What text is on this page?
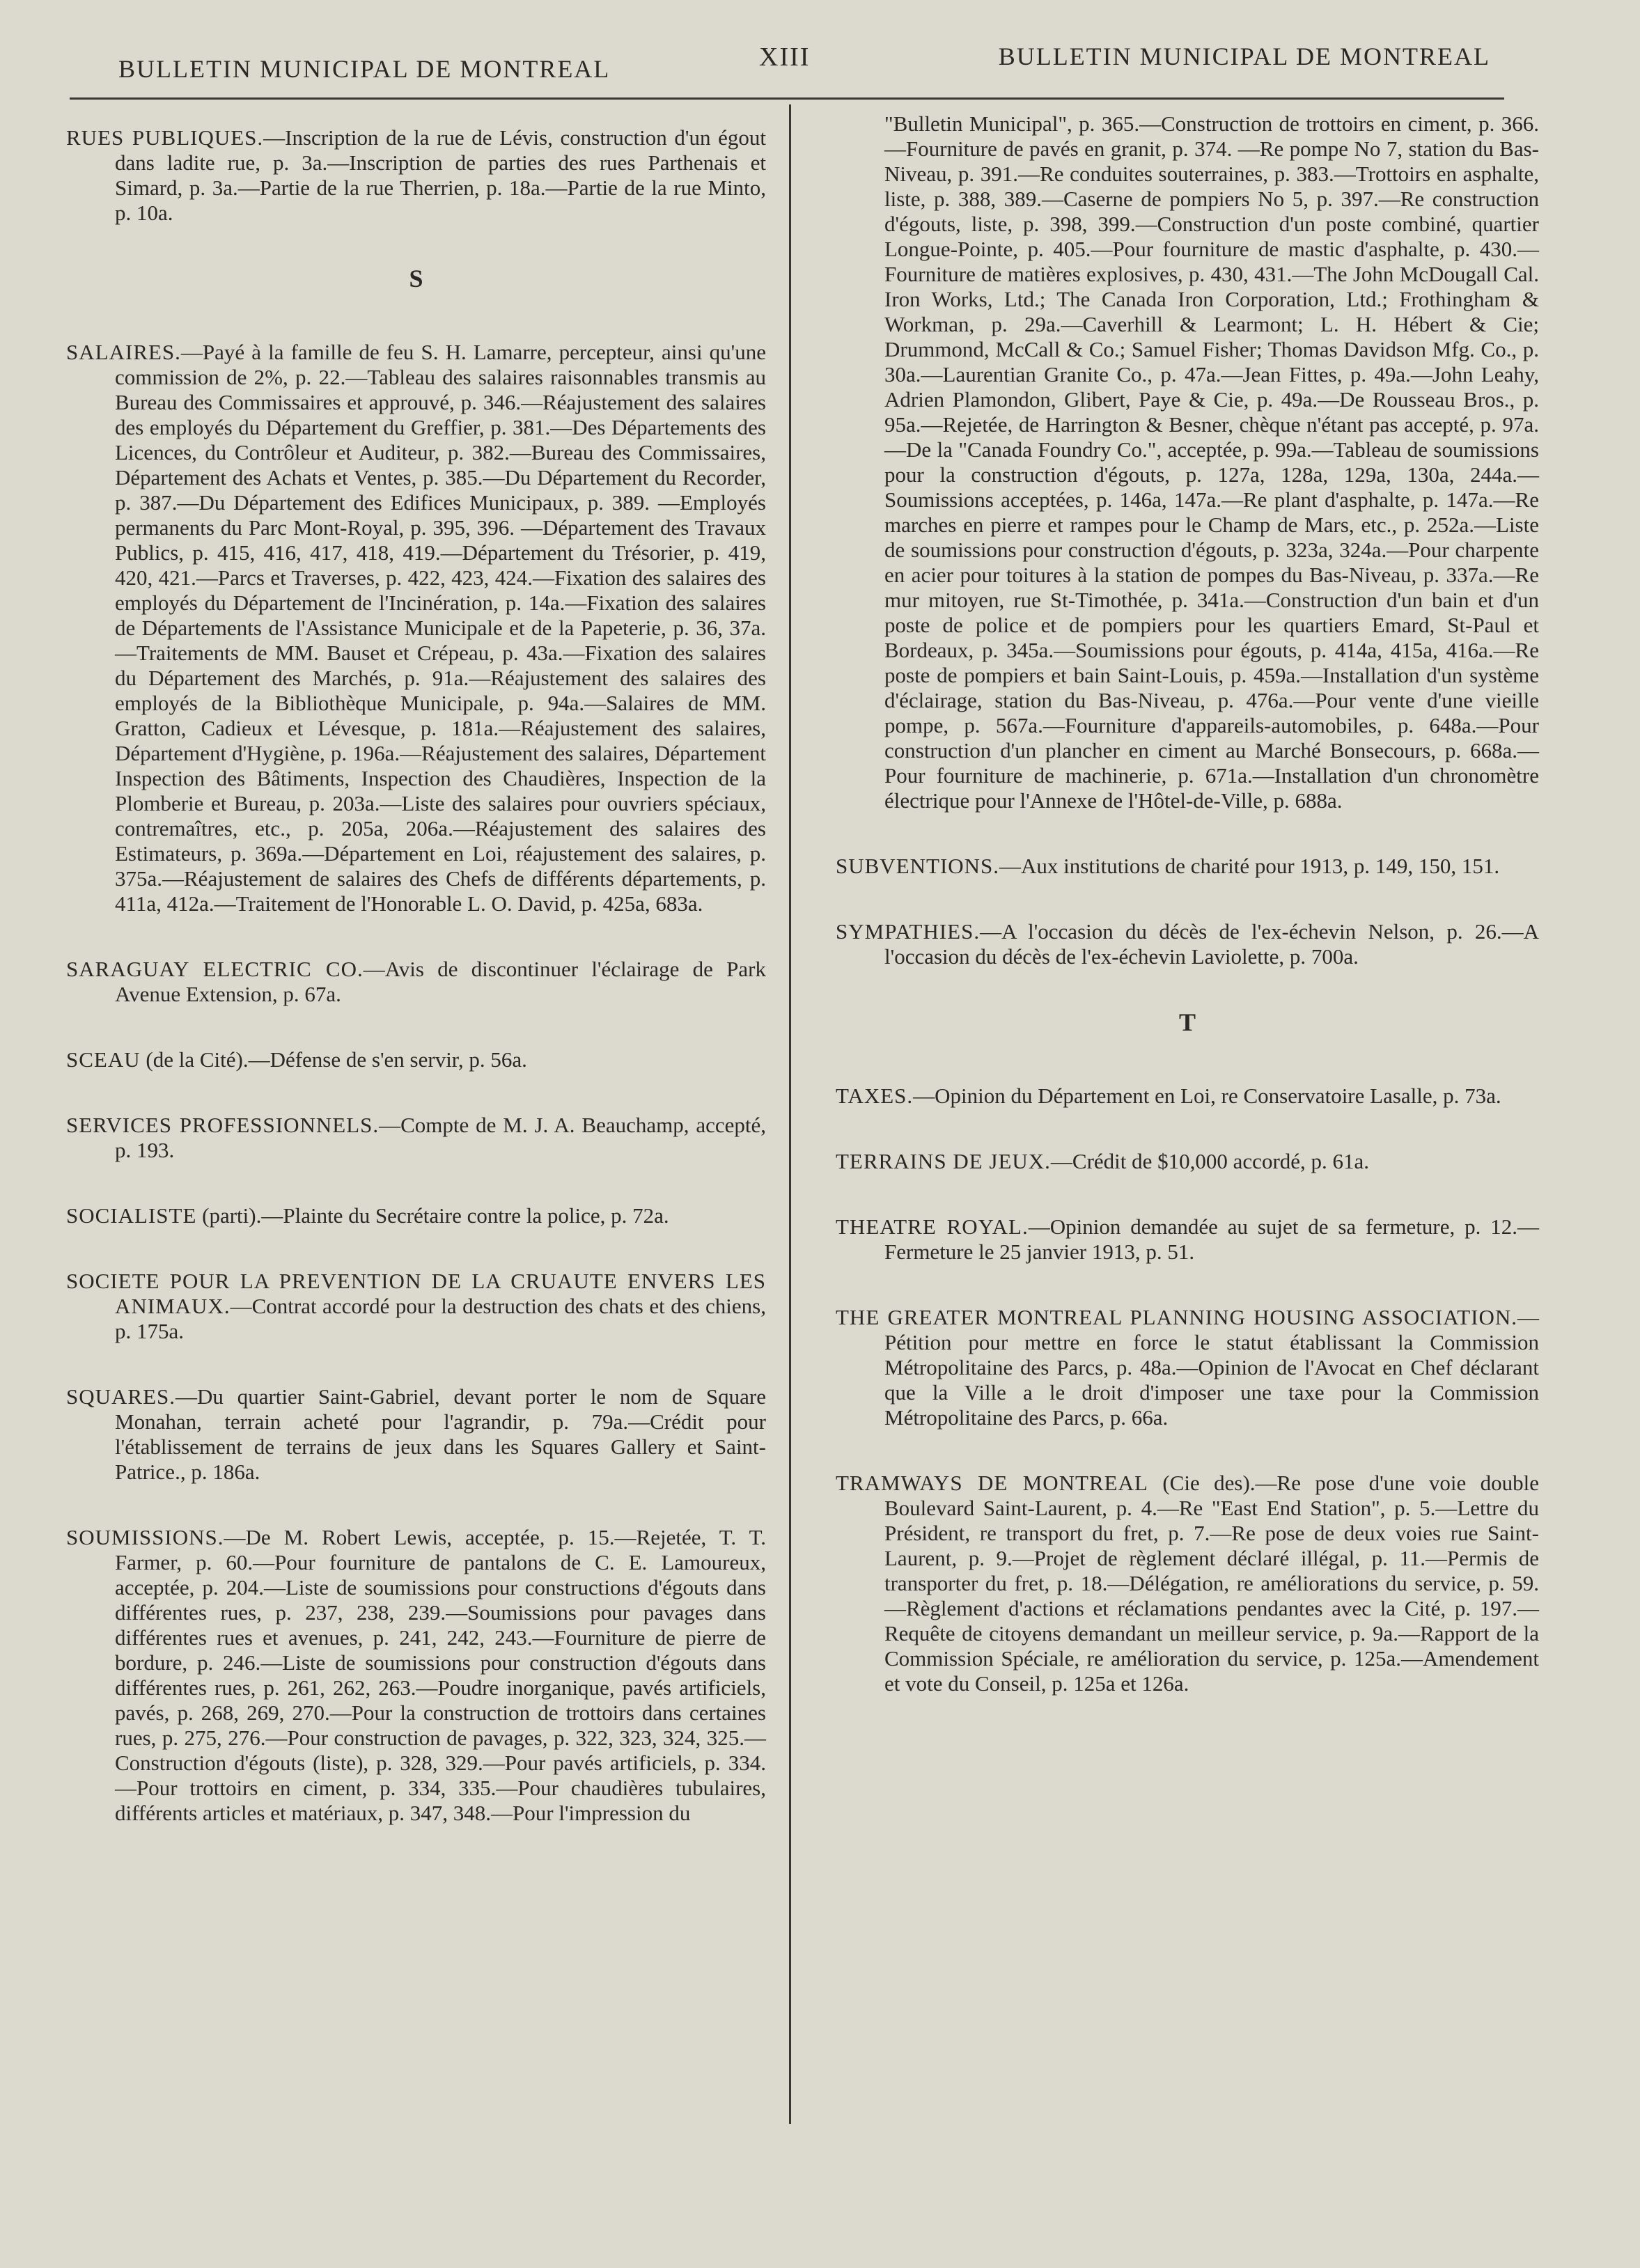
BULLETIN MUNICIPAL DE MONTREAL	XIII	BULLETIN MUNICIPAL DE MONTREAL

RUES PUBLIQUES.—Inscription de la rue de Lévis, construction d'un égout dans ladite rue, p. 3a.—Inscription de parties des rues Parthenais et Simard, p. 3a.—Partie de la rue Therrien, p. 18a.—Partie de la rue Minto, p. 10a.

S

SALAIRES.—Payé à la famille de feu S. H. Lamarre, percepteur, ainsi qu'une commission de 2%, p. 22.—Tableau des salaires raisonnables transmis au Bureau des Commissaires et approuvé, p. 346.—Réajustement des salaires des employés du Département du Greffier, p. 381.—Des Départements des Licences, du Contrôleur et Auditeur, p. 382.—Bureau des Commissaires, Département des Achats et Ventes, p. 385.—Du Département du Recorder, p. 387.—Du Département des Edifices Municipaux, p. 389. —Employés permanents du Parc Mont-Royal, p. 395, 396. —Département des Travaux Publics, p. 415, 416, 417, 418, 419.—Département du Trésorier, p. 419, 420, 421.—Parcs et Traverses, p. 422, 423, 424.—Fixation des salaires des employés du Département de l'Incinération, p. 14a.—Fixation des salaires de Départements de l'Assistance Municipale et de la Papeterie, p. 36, 37a.—Traitements de MM. Bauset et Crépeau, p. 43a.—Fixation des salaires du Département des Marchés, p. 91a.—Réajustement des salaires des employés de la Bibliothèque Municipale, p. 94a.—Salaires de MM. Gratton, Cadieux et Lévesque, p. 181a.—Réajustement des salaires, Département d'Hygiène, p. 196a.—Réajustement des salaires, Département Inspection des Bâtiments, Inspection des Chaudières, Inspection de la Plomberie et Bureau, p. 203a.—Liste des salaires pour ouvriers spéciaux, contremaîtres, etc., p. 205a, 206a.—Réajustement des salaires des Estimateurs, p. 369a.—Département en Loi, réajustement des salaires, p. 375a.—Réajustement de salaires des Chefs de différents départements, p. 411a, 412a.—Traitement de l'Honorable L. O. David, p. 425a, 683a.

SARAGUAY ELECTRIC CO.—Avis de discontinuer l'éclairage de Park Avenue Extension, p. 67a.

SCEAU (de la Cité).—Défense de s'en servir, p. 56a.

SERVICES PROFESSIONNELS.—Compte de M. J. A. Beauchamp, accepté, p. 193.

SOCIALISTE (parti).—Plainte du Secrétaire contre la police, p. 72a.

SOCIETE POUR LA PREVENTION DE LA CRUAUTE ENVERS LES ANIMAUX.—Contrat accordé pour la destruction des chats et des chiens, p. 175a.

SQUARES.—Du quartier Saint-Gabriel, devant porter le nom de Square Monahan, terrain acheté pour l'agrandir, p. 79a.—Crédit pour l'établissement de terrains de jeux dans les Squares Gallery et Saint-Patrice., p. 186a.

SOUMISSIONS.—De M. Robert Lewis, acceptée, p. 15.—Rejetée, T. T. Farmer, p. 60.—Pour fourniture de pantalons de C. E. Lamoureux, acceptée, p. 204.—Liste de soumissions pour constructions d'égouts dans différentes rues, p. 237, 238, 239.—Soumissions pour pavages dans différentes rues et avenues, p. 241, 242, 243.—Fourniture de pierre de bordure, p. 246.—Liste de soumissions pour construction d'égouts dans différentes rues, p. 261, 262, 263.—Poudre inorganique, pavés artificiels, pavés, p. 268, 269, 270.—Pour la construction de trottoirs dans certaines rues, p. 275, 276.—Pour construction de pavages, p. 322, 323, 324, 325.—Construction d'égouts (liste), p. 328, 329.—Pour pavés artificiels, p. 334.—Pour trottoirs en ciment, p. 334, 335.—Pour chaudières tubulaires, différents articles et matériaux, p. 347, 348.—Pour l'impression du

"Bulletin Municipal", p. 365.—Construction de trottoirs en ciment, p. 366.—Fourniture de pavés en granit, p. 374. —Re pompe No 7, station du Bas-Niveau, p. 391.—Re conduites souterraines, p. 383.—Trottoirs en asphalte, liste, p. 388, 389.—Caserne de pompiers No 5, p. 397.—Re construction d'égouts, liste, p. 398, 399.—Construction d'un poste combiné, quartier Longue-Pointe, p. 405.—Pour fourniture de mastic d'asphalte, p. 430.—Fourniture de matières explosives, p. 430, 431.—The John McDougall Cal. Iron Works, Ltd.; The Canada Iron Corporation, Ltd.; Frothingham & Workman, p. 29a.—Caverhill & Learmont; L. H. Hébert & Cie; Drummond, McCall & Co.; Samuel Fisher; Thomas Davidson Mfg. Co., p. 30a.—Laurentian Granite Co., p. 47a.—Jean Fittes, p. 49a.—John Leahy, Adrien Plamondon, Glibert, Paye & Cie, p. 49a.—De Rousseau Bros., p. 95a.—Rejetée, de Harrington & Besner, chèque n'étant pas accepté, p. 97a. —De la "Canada Foundry Co.", acceptée, p. 99a.—Tableau de soumissions pour la construction d'égouts, p. 127a, 128a, 129a, 130a, 244a.—Soumissions acceptées, p. 146a, 147a.—Re plant d'asphalte, p. 147a.—Re marches en pierre et rampes pour le Champ de Mars, etc., p. 252a.—Liste de soumissions pour construction d'égouts, p. 323a, 324a.—Pour charpente en acier pour toitures à la station de pompes du Bas-Niveau, p. 337a.—Re mur mitoyen, rue St-Timothée, p. 341a.—Construction d'un bain et d'un poste de police et de pompiers pour les quartiers Emard, St-Paul et Bordeaux, p. 345a.—Soumissions pour égouts, p. 414a, 415a, 416a.—Re poste de pompiers et bain Saint-Louis, p. 459a.—Installation d'un système d'éclairage, station du Bas-Niveau, p. 476a.—Pour vente d'une vieille pompe, p. 567a.—Fourniture d'appareils-automobiles, p. 648a.—Pour construction d'un plancher en ciment au Marché Bonsecours, p. 668a.—Pour fourniture de machinerie, p. 671a.—Installation d'un chronomètre électrique pour l'Annexe de l'Hôtel-de-Ville, p. 688a.

SUBVENTIONS.—Aux institutions de charité pour 1913, p. 149, 150, 151.

SYMPATHIES.—A l'occasion du décès de l'ex-échevin Nelson, p. 26.—A l'occasion du décès de l'ex-échevin Laviolette, p. 700a.

T

TAXES.—Opinion du Département en Loi, re Conservatoire Lasalle, p. 73a.

TERRAINS DE JEUX.—Crédit de $10,000 accordé, p. 61a.

THEATRE ROYAL.—Opinion demandée au sujet de sa fermeture, p. 12.—Fermeture le 25 janvier 1913, p. 51.

THE GREATER MONTREAL PLANNING HOUSING ASSOCIATION.—Pétition pour mettre en force le statut établissant la Commission Métropolitaine des Parcs, p. 48a.—Opinion de l'Avocat en Chef déclarant que la Ville a le droit d'imposer une taxe pour la Commission Métropolitaine des Parcs, p. 66a.

TRAMWAYS DE MONTREAL (Cie des).—Re pose d'une voie double Boulevard Saint-Laurent, p. 4.—Re "East End Station", p. 5.—Lettre du Président, re transport du fret, p. 7.—Re pose de deux voies rue Saint-Laurent, p. 9.—Projet de règlement déclaré illégal, p. 11.—Permis de transporter du fret, p. 18.—Délégation, re améliorations du service, p. 59.—Règlement d'actions et réclamations pendantes avec la Cité, p. 197.—Requête de citoyens demandant un meilleur service, p. 9a.—Rapport de la Commission Spéciale, re amélioration du service, p. 125a.—Amendement et vote du Conseil, p. 125a et 126a.
